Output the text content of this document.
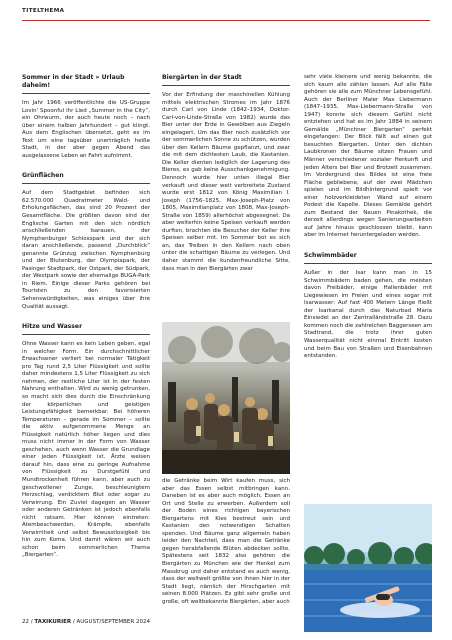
TITELTHEMA
Sommer in der Stadt » Urlaub daheim!

Im Jahr 1966 veröffentlichte die US-Gruppe Lovin' Spoonful ihr Lied „Summer in the City“, ein Ohrwurm, der auch heute noch – nach über einem halben Jahrhundert – gut klingt. Aus dem Englischen übersetzt, geht es im Text um eine tagsüber unerträglich heiße Stadt, in der aber gegen Abend das ausgelassene Leben an Fahrt aufnimmt.

Grünflächen

Auf dem Stadtgebiet befinden sich 62.570.000 Quadratmeter Wald- und Erholungsflächen, das sind 20 Prozent der Gesamtfläche. Die größten davon sind der Englische Garten mit den sich nördlich anschließenden Isarauen, der Nymphenburger Schlosspark und der sich daran anschließende, passend „Durchblick“ genannte Grünzug zwischen Nymphenburg und der Blutenburg, der Olympiapark, der Pasinger Stadtpark, der Ostpark, der Südpark, der Westpark sowie der ehemalige BUGA-Park in Riem. Einige dieser Parks gehören bei Touristen zu den favorisierten Sehenswürdigkeiten, was einiges über ihre Qualität aussagt.

Hitze und Wasser

Ohne Wasser kann es kein Leben geben, egal in welcher Form. Ein durchschnittlicher Erwachsener verliert bei normaler Tätigkeit pro Tag rund 2,5 Liter Flüssigkeit und sollte daher mindestens 1,5 Liter Flüssigkeit zu sich nehmen, der restliche Liter ist in der festen Nahrung enthalten. Wird zu wenig getrunken, so macht sich dies durch die Einschränkung der körperlichen und geistigen Leistungsfähigkeit bemerkbar. Bei höheren Temperaturen – gerade im Sommer – sollte die aktiv aufgenommene Menge an Flüssigkeit natürlich höher liegen und dies muss nicht immer in der Form von Wasser geschehen, auch wenn Wasser die Grundlage einer jeden Flüssigkeit ist. Ärzte weisen darauf hin, dass eine zu geringe Aufnahme von Flüssigkeit zu Durstgefühl und Mundtrockenheit führen kann, aber auch zu geschwollener Zunge, beschleunigtem Herzschlag, verdicktem Blut oder sogar zu Verwirrung. Ein Zuviel dagegen an Wasser oder anderen Getränken ist jedoch ebenfalls nicht ratsam. Hier können eintreten: Atembeschwerden, Krämpfe, ebenfalls Verwirrtheit und selbst Bewusstlosigkeit bis hin zum Koma. Und damit wären wir auch schon beim sommerlichen Thema „Biergarten“.

Biergärten in der Stadt

Vor der Erfindung der maschinellen Kühlung mittels elektrischen Stromes im Jahr 1876 durch Carl von Linde (1842–1934, Doktor-Carl-von-Linde-Straße von 1982) wurde das Bier unter der Erde in Gewölben aus Ziegeln eingelagert. Um das Bier noch zusätzlich vor der sommerlichen Sonne zu schützen, wurden über den Kellern Bäume gepflanzt, und zwar die mit dem dichtesten Laub, die Kastanien. Die Keller dienten lediglich der Lagerung des Bieres, es gab keine Ausschankgenehmigung. Dennoch wurde hier unten illegal Bier verkauft und dieser weit verbreitete Zustand wurde erst 1812 von König Maximilian I. Joseph (1756–1825, Max-Joseph-Platz von 1805, Maximilianplatz von 1808, Max-Joseph-Straße von 1859) allerhöchst abgesegnet. Da aber weiterhin keine Speisen verkauft werden durften, brachten die Besucher der Keller ihre Speisen selber mit. Im Sommer bot es sich an, das Treiben in den Kellern nach oben unter die schattigen Bäume zu verlegen. Und daher stammt die kundenfreundliche Sitte, dass man in den Biergärten zwar

die Getränke beim Wirt kaufen muss, sich aber das Essen selbst mitbringen kann. Daneben ist es aber auch möglich, Essen an Ort und Stelle zu erwerben. Außerdem soll der Boden eines richtigen bayerischen Biergartens mit Kies bestreut sein und Kastanien den notwendigen Schatten spenden. Und Bäume ganz allgemein haben leider den Nachteil, dass man die Getränke gegen herabfallende Blüten abdecken sollte. Spätestens seit 1832 also gehören die Biergärten zu München wie der Henkel zum Masskrug und daher entstand es auch wenig, dass der weltweit größte von ihnen hier in der Stadt liegt, nämlich der Hirschgarten mit seinen 8.000 Plätzen. Es gibt sehr große und große, oft weltbekannte Biergärten, aber auch

sehr viele kleinere und wenig bekannte, die sich kaum alle zählen lassen. Auf alle Fälle gehören sie alle zum Münchner Lebensgefühl. Auch der Berliner Maler Max Liebermann (1847–1935, Max-Liebermann-Straße von 1947) konnte sich diesem Gefühl nicht entziehen und hat es im Jahr 1884 in seinem Gemälde „Münchner Biergarten“ perfekt eingefangen: Der Blick fällt auf einen gut besuchten Biergarten. Unter den dichten Laubkronen der Bäume sitzen Frauen und Männer verschiedener sozialer Herkunft und jeden Alters bei Bier und Brotzeit zusammen. Im Vordergrund des Bildes ist eine freie Fläche gebliebene, auf der zwei Mädchen spielen und im Bildhintergrund spielt vor einer holzverkleideten Wand auf einem Podest die Kapelle. Dieses Gemälde gehört zum Bestand der Neuen Pinakothek, die derzeit allerdings wegen Sanierungsarbeiten auf Jahre hinaus geschlossen bleibt, kann aber im Internet heruntergeladen werden.

Schwimmbäder

Außer in der Isar kann man in 15 Schwimmbädern baden gehen, die meisten davon Freibäder, einige Hallenbäder mit Liegewiesen im Freien und eines sogar mit Isarwasser: Auf fast 400 Metern Länge fließt der Isarkanal durch das Naturbad Maria Einsiedel an der Zentralländstraße 28. Dazu kommen noch die zahlreichen Baggerseen am Stadtrand, die trotz ihrer guten Wasserqualität nicht einmal Eintritt kosten und beim Bau von Straßen und Eisenbahnen entstanden.

22 / TAXIKURIER / AUGUST/SEPTEMBER 2024
